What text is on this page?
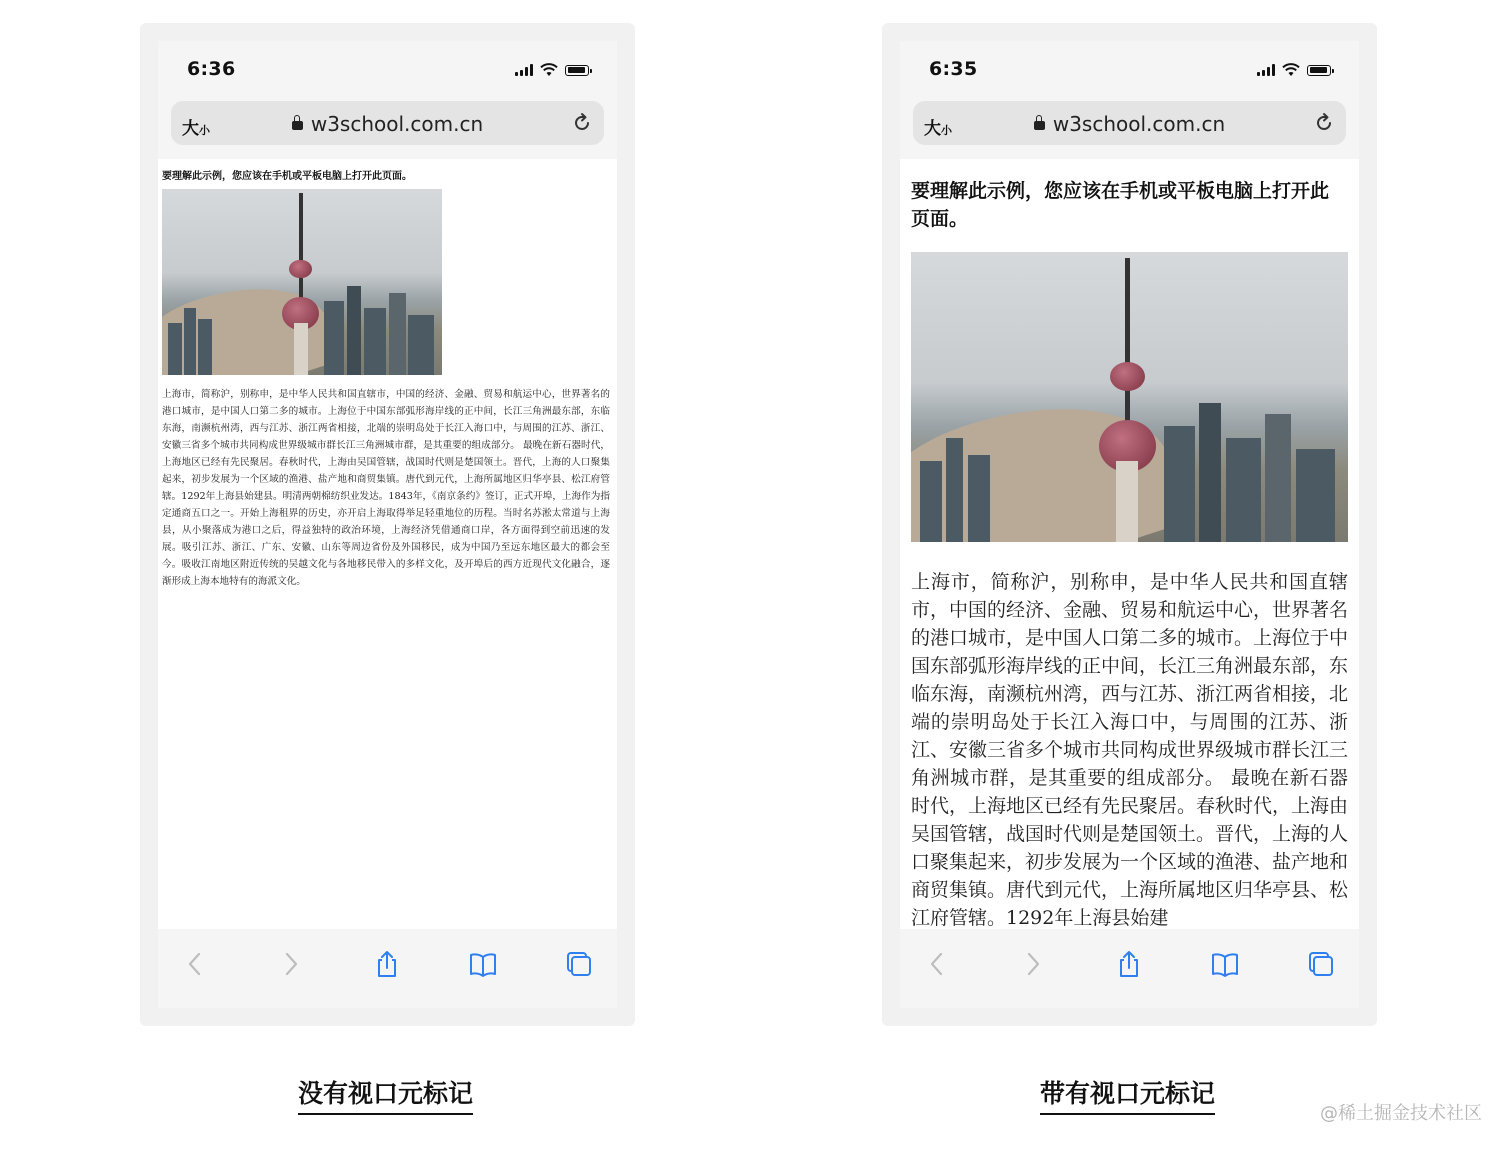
6:36
大小	w3school.com.cn
要理解此示例，您应该在手机或平板电脑上打开此页面。
上海市，简称沪，别称申，是中华人民共和国直辖市，中国的经济、金融、贸易和航运中心，世界著名的港口城市，是中国人口第二多的城市。上海位于中国东部弧形海岸线的正中间，长江三角洲最东部，东临东海，南濒杭州湾，西与江苏、浙江两省相接，北端的崇明岛处于长江入海口中，与周围的江苏、浙江、安徽三省多个城市共同构成世界级城市群长江三角洲城市群，是其重要的组成部分。 最晚在新石器时代，上海地区已经有先民聚居。春秋时代，上海由吴国管辖，战国时代则是楚国领土。晋代，上海的人口聚集起来，初步发展为一个区域的渔港、盐产地和商贸集镇。唐代到元代，上海所属地区归华亭县、松江府管辖。1292年上海县始建县。明清两朝棉纺织业发达。1843年，《南京条约》签订，正式开埠，上海作为指定通商五口之一。开始上海租界的历史，亦开启上海取得举足轻重地位的历程。当时名苏淞太常道与上海县，从小聚落成为港口之后，得益独特的政治环境，上海经济凭借通商口岸，各方面得到空前迅速的发展。吸引江苏、浙江、广东、安徽、山东等周边省份及外国移民，成为中国乃至远东地区最大的都会至今。吸收江南地区附近传统的吴越文化与各地移民带入的多样文化，及开埠后的西方近现代文化融合，逐渐形成上海本地特有的海派文化。
6:35
大小	w3school.com.cn
要理解此示例，您应该在手机或平板电脑上打开此页面。
上海市，简称沪，别称申，是中华人民共和国直辖市，中国的经济、金融、贸易和航运中心，世界著名的港口城市，是中国人口第二多的城市。上海位于中国东部弧形海岸线的正中间，长江三角洲最东部，东临东海，南濒杭州湾，西与江苏、浙江两省相接，北端的崇明岛处于长江入海口中，与周围的江苏、浙江、安徽三省多个城市共同构成世界级城市群长江三角洲城市群，是其重要的组成部分。 最晚在新石器时代，上海地区已经有先民聚居。春秋时代，上海由吴国管辖，战国时代则是楚国领土。晋代，上海的人口聚集起来，初步发展为一个区域的渔港、盐产地和商贸集镇。唐代到元代，上海所属地区归华亭县、松江府管辖。1292年上海县始建
没有视口元标记	带有视口元标记
@稀土掘金技术社区
